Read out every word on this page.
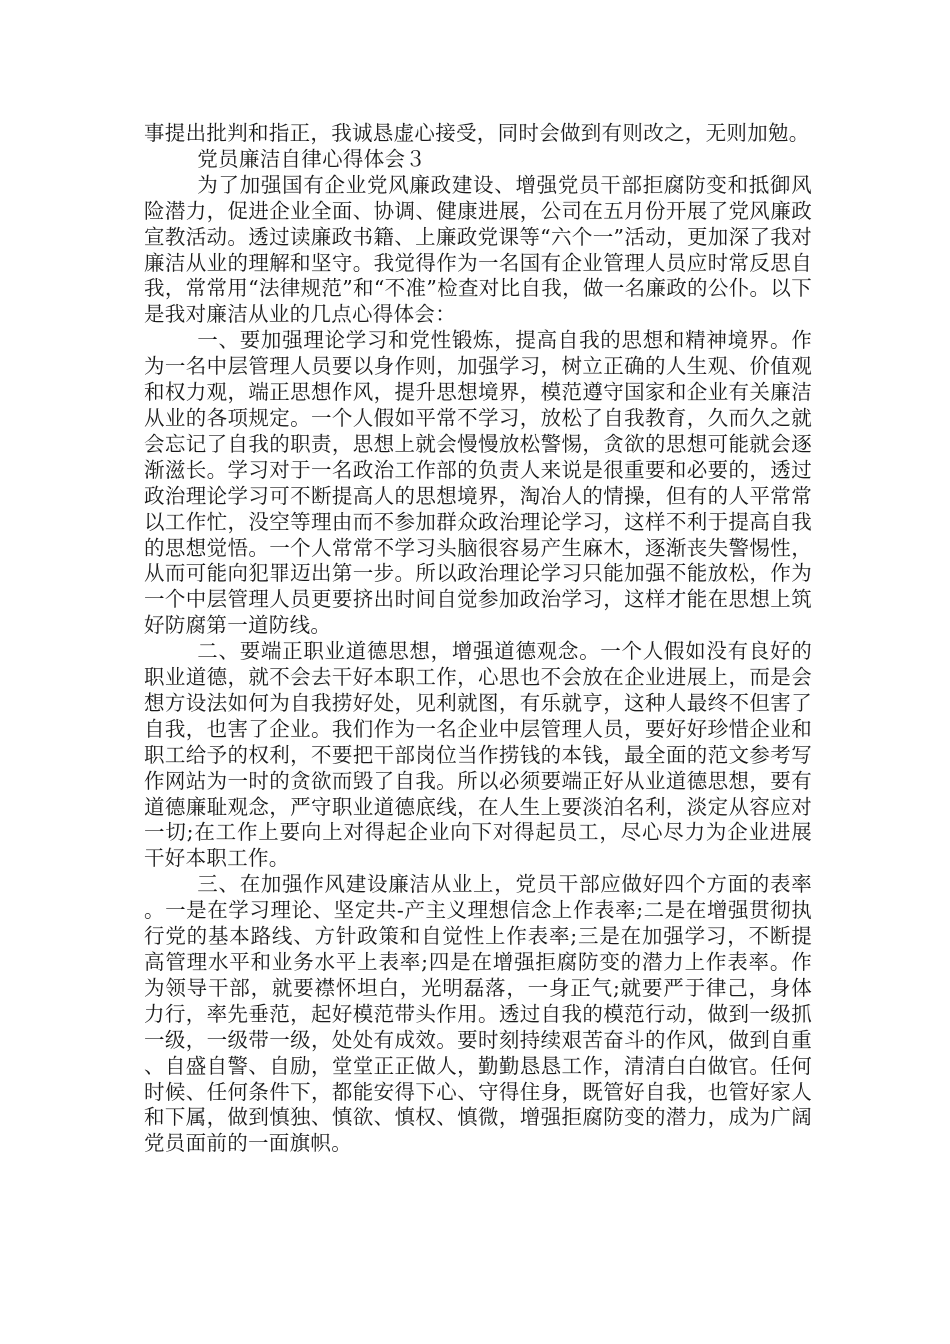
事提出批判和指正，我诚恳虚心接受，同时会做到有则改之，无则加勉。

党员廉洁自律心得体会３

为了加强国有企业党风廉政建设、增强党员干部拒腐防变和抵御风险潜力，促进企业全面、协调、健康进展，公司在五月份开展了党风廉政宣教活动。透过读廉政书籍、上廉政党课等“六个一”活动，更加深了我对廉洁从业的理解和坚守。我觉得作为一名国有企业管理人员应时常反思自我，常常用“法律规范”和“不准”检查对比自我，做一名廉政的公仆。以下是我对廉洁从业的几点心得体会：

一、要加强理论学习和党性锻炼，提高自我的思想和精神境界。作为一名中层管理人员要以身作则，加强学习，树立正确的人生观、价值观和权力观，端正思想作风，提升思想境界，模范遵守国家和企业有关廉洁从业的各项规定。一个人假如平常不学习，放松了自我教育，久而久之就会忘记了自我的职责，思想上就会慢慢放松警惕，贪欲的思想可能就会逐渐滋长。学习对于一名政治工作部的负责人来说是很重要和必要的，透过政治理论学习可不断提高人的思想境界，淘冶人的情操，但有的人平常常以工作忙，没空等理由而不参加群众政治理论学习，这样不利于提高自我的思想觉悟。一个人常常不学习头脑很容易产生麻木，逐渐丧失警惕性，从而可能向犯罪迈出第一步。所以政治理论学习只能加强不能放松，作为一个中层管理人员更要挤出时间自觉参加政治学习，这样才能在思想上筑好防腐第一道防线。

二、要端正职业道德思想，增强道德观念。一个人假如没有良好的职业道德，就不会去干好本职工作，心思也不会放在企业进展上，而是会想方设法如何为自我捞好处，见利就图，有乐就亨，这种人最终不但害了自我，也害了企业。我们作为一名企业中层管理人员，要好好珍惜企业和职工给予的权利，不要把干部岗位当作捞钱的本钱，最全面的范文参考写作网站为一时的贪欲而毁了自我。所以必须要端正好从业道德思想，要有道德廉耻观念，严守职业道德底线，在人生上要淡泊名利，淡定从容应对一切;在工作上要向上对得起企业向下对得起员工，尽心尽力为企业进展干好本职工作。

三、在加强作风建设廉洁从业上，党员干部应做好四个方面的表率。一是在学习理论、坚定共-产主义理想信念上作表率;二是在增强贯彻执行党的基本路线、方针政策和自觉性上作表率;三是在加强学习，不断提高管理水平和业务水平上表率;四是在增强拒腐防变的潜力上作表率。作为领导干部，就要襟怀坦白，光明磊落，一身正气;就要严于律己，身体力行，率先垂范，起好模范带头作用。透过自我的模范行动，做到一级抓一级，一级带一级，处处有成效。要时刻持续艰苦奋斗的作风，做到自重、自盛自警、自励，堂堂正正做人，勤勤恳恳工作，清清白白做官。任何时候、任何条件下，都能安得下心、守得住身，既管好自我，也管好家人和下属，做到慎独、慎欲、慎权、慎微，增强拒腐防变的潜力，成为广阔党员面前的一面旗帜。
